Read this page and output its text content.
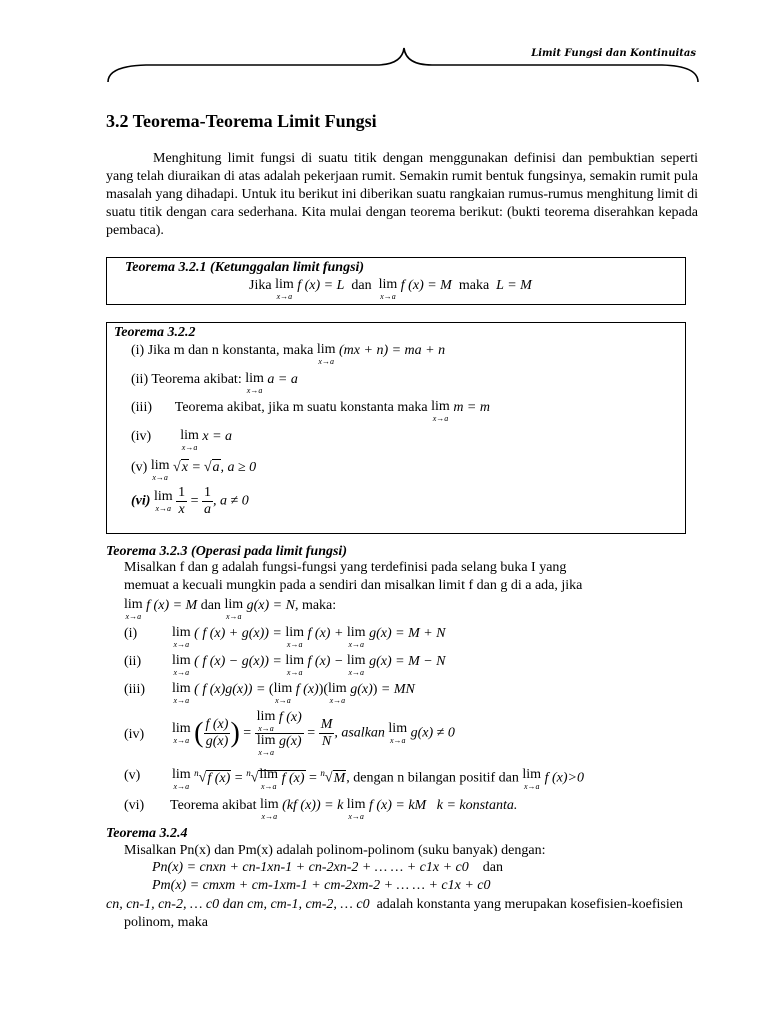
Limit Fungsi dan Kontinuitas
3.2 Teorema-Teorema Limit Fungsi

Menghitung limit fungsi di suatu titik dengan menggunakan definisi dan pembuktian seperti yang telah diuraikan di atas adalah pekerjaan rumit. Semakin rumit bentuk fungsinya, semakin rumit pula masalah yang dihadapi. Untuk itu berikut ini diberikan suatu rangkaian rumus-rumus menghitung limit di suatu titik dengan cara sederhana. Kita mulai dengan teorema berikut: (bukti teorema diserahkan kepada pembaca).

Teorema 3.2.1 (Ketunggalan limit fungsi)
Jika lim
x→a
f (x) = L dan lim
x→a
f (x) = M maka L = M
Teorema 3.2.2
(i) Jika m dan n konstanta, maka lim
x→a
(mx + n) = ma + n
(ii) Teorema akibat: lim
x→a
a = a
(iii) Teorema akibat, jika m suatu konstanta maka lim
x→a
m = m
(iv) lim
x→a
x = a
(v) lim
x→a
√x = √a, a ≥ 0
(vi) lim
x→a
$\frac{1}{x} = \frac{1}{a}$ , a ≠ 0
Teorema 3.2.3 (Operasi pada limit fungsi)
Misalkan f dan g adalah fungsi-fungsi yang terdefinisi pada selang buka I yang
memuat a kecuali mungkin pada a sendiri dan misalkan limit f dan g di a ada, jika
lim
x→a
f (x) = M dan lim
x→a
g(x) = N, maka:
(i) lim
x→a
( f (x) + g(x)) = lim
x→a
f (x) + lim
x→a
g(x) = M + N
(ii) lim
x→a
( f (x) − g(x)) = lim
x→a
f (x) − lim
x→a
g(x) = M − N
(iii) lim
x→a
( f (x)g(x)) = ( lim
x→a
f (x))( lim
x→a
g(x)) = MN
(iv) lim
x→a ( $\frac{f (x)}{g(x)}$ ) = lim
x→a
f (x)
lim
x→a
$g(x) = \frac{M}{N}$ , asalkan lim
x→a g(x) ≠ 0
(v) lim
x→a
$^n$√f (x) = $^n$√ lim
x→a
f (x) = $^n$√M, dengan n bilangan positif dan lim
x→a
f (x)>0
(vi) Teorema akibat lim
x→a
(kf (x)) = k lim
x→a
f (x) = kM k = konstanta.
Teorema 3.2.4
Misalkan Pn(x) dan Pm(x) adalah polinom-polinom (suku banyak) dengan:
Pn(x) = cnxn + cn-1xn-1 + cn-2xn-2 + … … + c1x + c0 dan
Pm(x) = cmxm + cm-1xm-1 + cm-2xm-2 + … … + c1x + c0
cn, cn-1, cn-2, … c0 dan cm, cm-1, cm-2, … c0 adalah konstanta yang merupakan kosefisien-koefisien
polinom, maka
